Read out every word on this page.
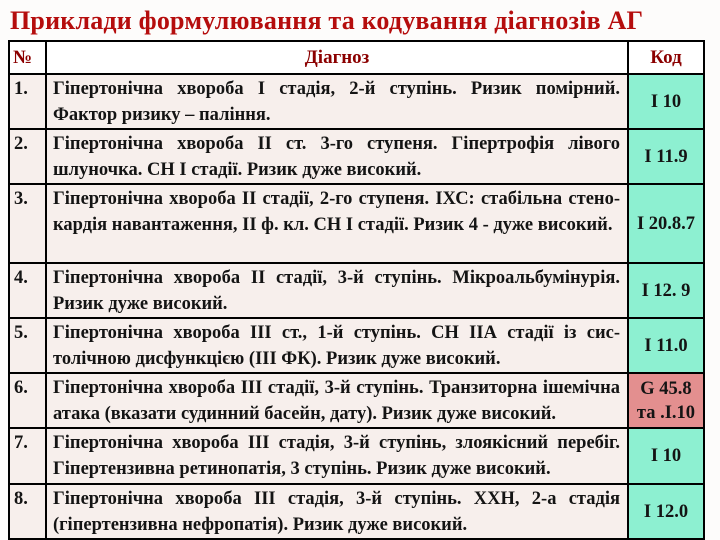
Приклади формулювання та кодування діагнозів АГ
№	Діагноз	Код
1.	Гіпертонічна хвороба I стадія, 2-й ступінь. Ризик помірний. Фактор ризику – паління.	I 10
2.	Гіпертонічна хвороба II ст. 3-го ступеня. Гіпертрофія лівого шлуночка. СН I стадії. Ризик дуже високий.	I 11.9
3.	Гіпертонічна хвороба II стадії, 2-го ступеня. IХС: стабільна стено-кардія навантаження, II ф. кл. СН I стадії. Ризик 4 - дуже високий.	I 20.8.7
4.	Гіпертонічна хвороба II стадії, 3-й ступінь. Мікроальбумінурія. Ризик дуже високий.	I 12. 9
5.	Гіпертонічна хвороба III ст., 1-й ступінь. СН IIА стадії із сис-толічною дисфункцією (III ФК). Ризик дуже високий.	I 11.0
6.	Гіпертонічна хвороба III стадії, 3-й ступінь. Транзиторна ішемічна атака (вказати судинний басейн, дату). Ризик дуже високий.	G 45.8 та .I.10
7.	Гіпертонічна хвороба III стадія, 3-й ступінь, злоякісний перебіг. Гіпертензивна ретинопатія, 3 ступінь. Ризик дуже високий.	I 10
8.	Гіпертонічна хвороба III стадія, 3-й ступінь. ХХН, 2-а стадія (гіпертензивна нефропатія). Ризик дуже високий.	I 12.0
